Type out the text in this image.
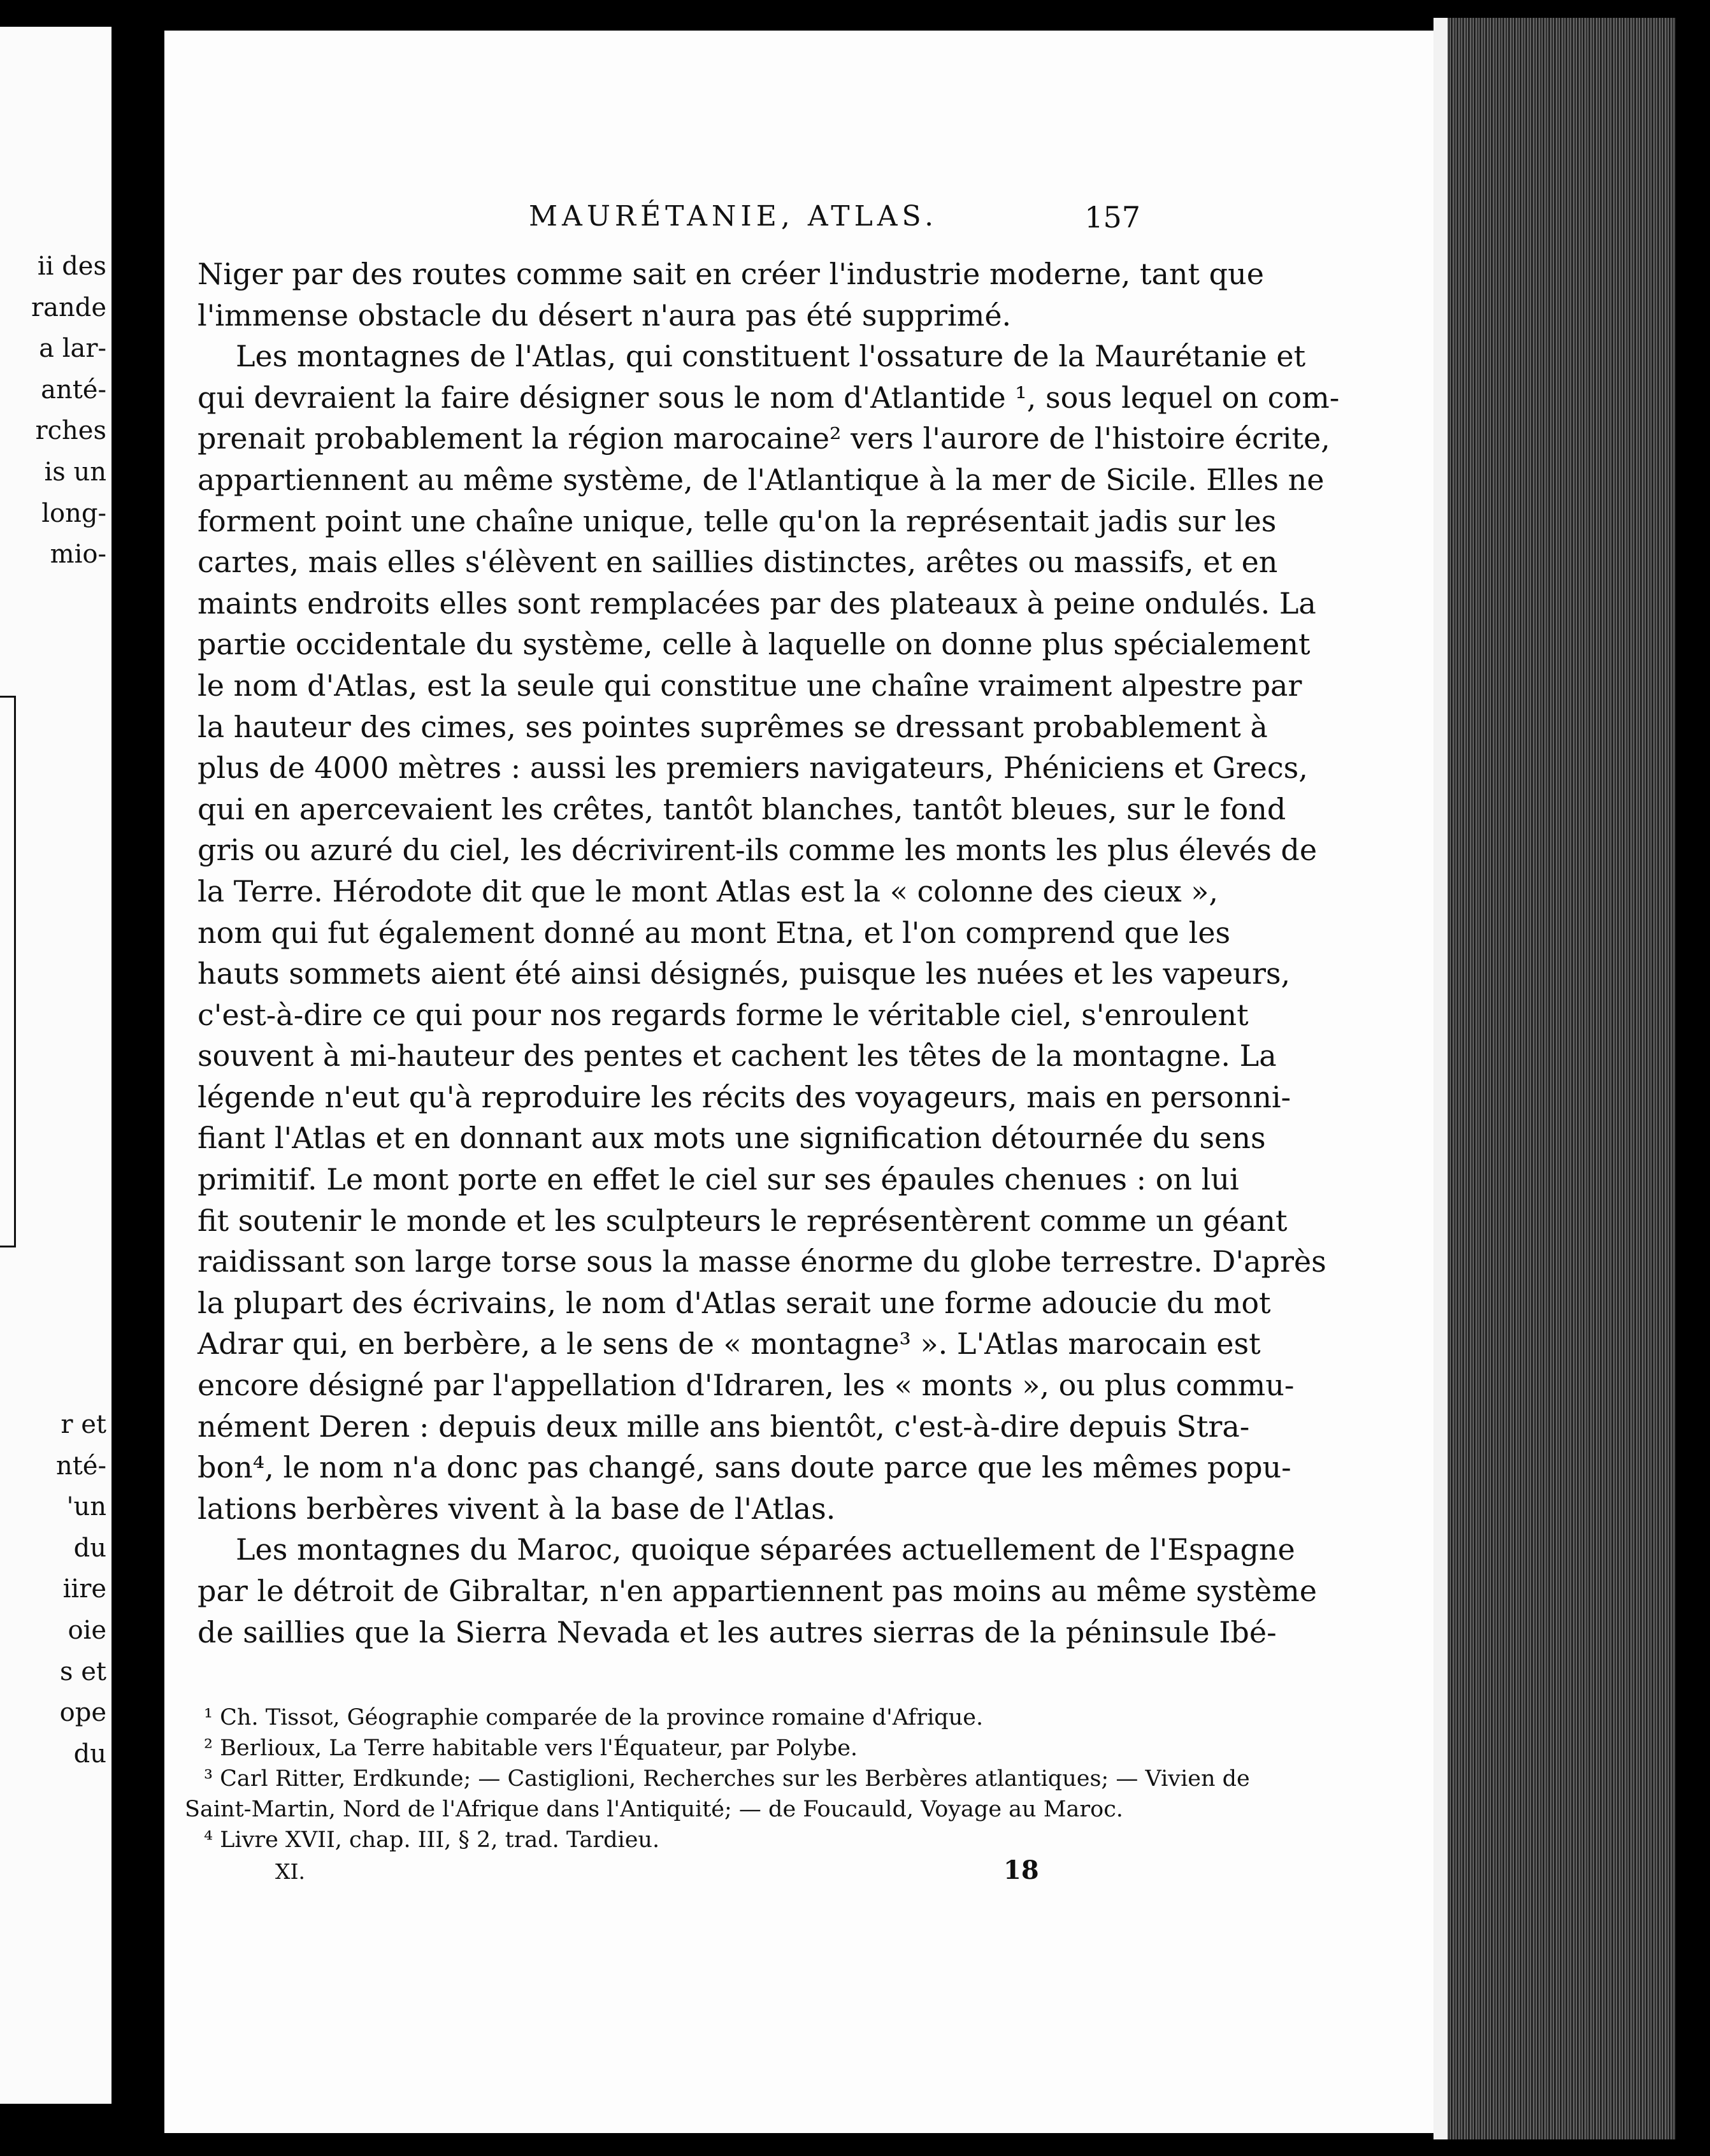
ii des
rande
a lar-
anté-
rches
is un
long-
mio-
r et
nté-
'un
du
iire
oie
s et
ope
du
MAURÉTANIE, ATLAS.	157
Niger par des routes comme sait en créer l'industrie moderne, tant que
l'immense obstacle du désert n'aura pas été supprimé.
Les montagnes de l'Atlas, qui constituent l'ossature de la Maurétanie et
qui devraient la faire désigner sous le nom d'Atlantide ¹, sous lequel on com-
prenait probablement la région marocaine² vers l'aurore de l'histoire écrite,
appartiennent au même système, de l'Atlantique à la mer de Sicile. Elles ne
forment point une chaîne unique, telle qu'on la représentait jadis sur les
cartes, mais elles s'élèvent en saillies distinctes, arêtes ou massifs, et en
maints endroits elles sont remplacées par des plateaux à peine ondulés. La
partie occidentale du système, celle à laquelle on donne plus spécialement
le nom d'Atlas, est la seule qui constitue une chaîne vraiment alpestre par
la hauteur des cimes, ses pointes suprêmes se dressant probablement à
plus de 4000 mètres : aussi les premiers navigateurs, Phéniciens et Grecs,
qui en apercevaient les crêtes, tantôt blanches, tantôt bleues, sur le fond
gris ou azuré du ciel, les décrivirent-ils comme les monts les plus élevés de
la Terre. Hérodote dit que le mont Atlas est la « colonne des cieux »,
nom qui fut également donné au mont Etna, et l'on comprend que les
hauts sommets aient été ainsi désignés, puisque les nuées et les vapeurs,
c'est-à-dire ce qui pour nos regards forme le véritable ciel, s'enroulent
souvent à mi-hauteur des pentes et cachent les têtes de la montagne. La
légende n'eut qu'à reproduire les récits des voyageurs, mais en personni-
fiant l'Atlas et en donnant aux mots une signification détournée du sens
primitif. Le mont porte en effet le ciel sur ses épaules chenues : on lui
fit soutenir le monde et les sculpteurs le représentèrent comme un géant
raidissant son large torse sous la masse énorme du globe terrestre. D'après
la plupart des écrivains, le nom d'Atlas serait une forme adoucie du mot
Adrar qui, en berbère, a le sens de « montagne³ ». L'Atlas marocain est
encore désigné par l'appellation d'Idraren, les « monts », ou plus commu-
nément Deren : depuis deux mille ans bientôt, c'est-à-dire depuis Stra-
bon⁴, le nom n'a donc pas changé, sans doute parce que les mêmes popu-
lations berbères vivent à la base de l'Atlas.
Les montagnes du Maroc, quoique séparées actuellement de l'Espagne
par le détroit de Gibraltar, n'en appartiennent pas moins au même système
de saillies que la Sierra Nevada et les autres sierras de la péninsule Ibé-
¹ Ch. Tissot, Géographie comparée de la province romaine d'Afrique.
² Berlioux, La Terre habitable vers l'Équateur, par Polybe.
³ Carl Ritter, Erdkunde; — Castiglioni, Recherches sur les Berbères atlantiques; — Vivien de
Saint-Martin, Nord de l'Afrique dans l'Antiquité; — de Foucauld, Voyage au Maroc.
⁴ Livre XVII, chap. III, § 2, trad. Tardieu.
XI.	18
